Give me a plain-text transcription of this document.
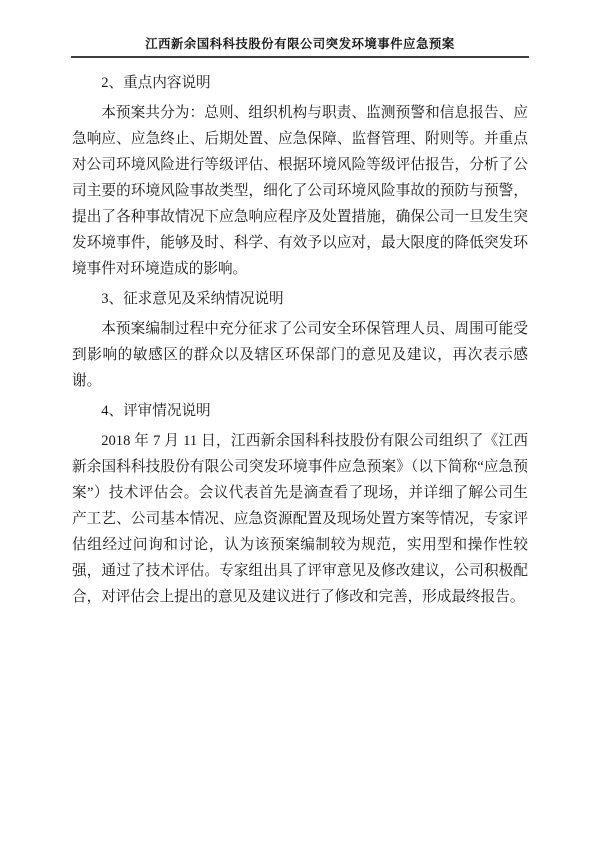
江西新余国科科技股份有限公司突发环境事件应急预案

2、重点内容说明

本预案共分为：总则、组织机构与职责、监测预警和信息报告、应急响应、应急终止、后期处置、应急保障、监督管理、附则等。并重点对公司环境风险进行等级评估、根据环境风险等级评估报告，分析了公司主要的环境风险事故类型，细化了公司环境风险事故的预防与预警，提出了各种事故情况下应急响应程序及处置措施，确保公司一旦发生突发环境事件，能够及时、科学、有效予以应对，最大限度的降低突发环境事件对环境造成的影响。

3、征求意见及采纳情况说明

本预案编制过程中充分征求了公司安全环保管理人员、周围可能受到影响的敏感区的群众以及辖区环保部门的意见及建议，再次表示感谢。

4、评审情况说明

2018 年 7 月 11 日，江西新余国科科技股份有限公司组织了《江西新余国科科技股份有限公司突发环境事件应急预案》（以下简称“应急预案”）技术评估会。会议代表首先是滴查看了现场，并详细了解公司生产工艺、公司基本情况、应急资源配置及现场处置方案等情况，专家评估组经过问询和讨论，认为该预案编制较为规范，实用型和操作性较强，通过了技术评估。专家组出具了评审意见及修改建议，公司积极配合，对评估会上提出的意见及建议进行了修改和完善，形成最终报告。
